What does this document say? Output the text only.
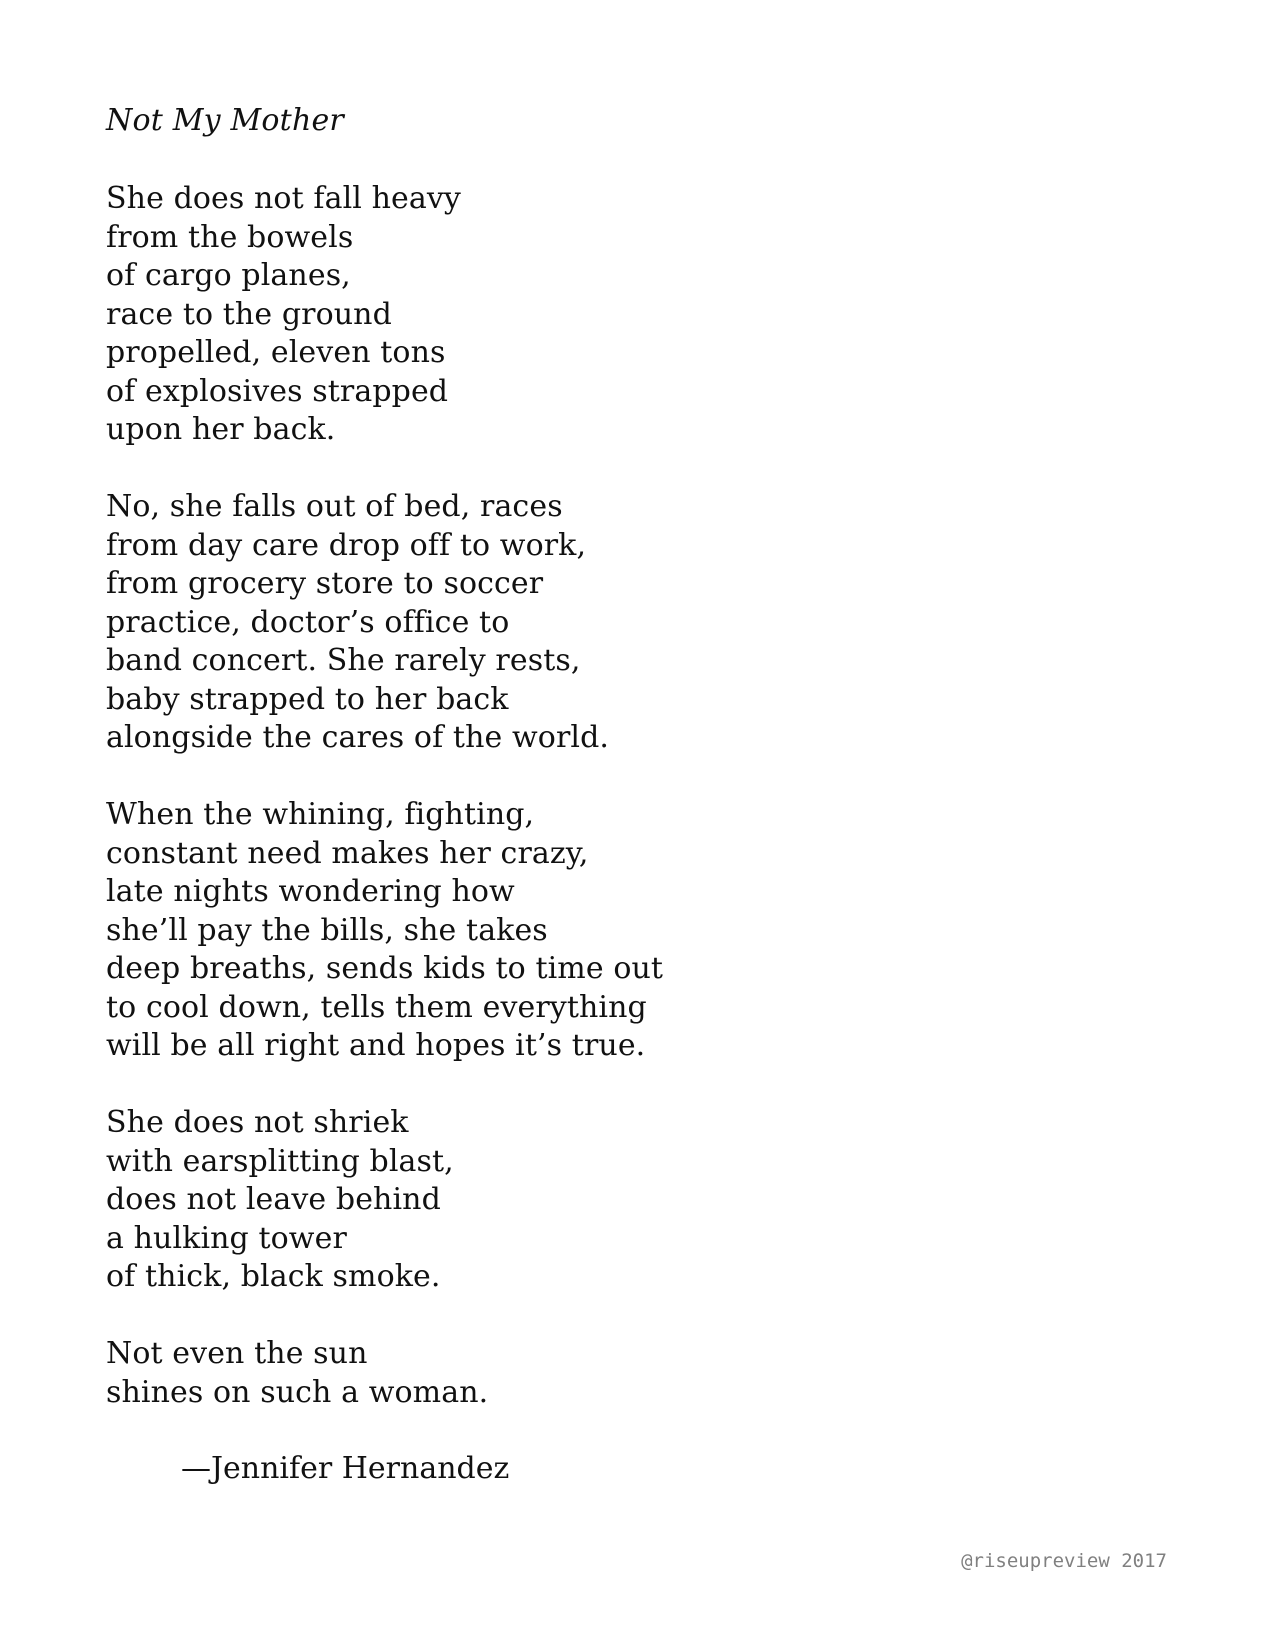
Not My Mother
She does not fall heavy
from the bowels
of cargo planes,
race to the ground
propelled, eleven tons
of explosives strapped
upon her back.
No, she falls out of bed, races
from day care drop off to work,
from grocery store to soccer
practice, doctor’s office to
band concert. She rarely rests,
baby strapped to her back
alongside the cares of the world.
When the whining, fighting,
constant need makes her crazy,
late nights wondering how
she’ll pay the bills, she takes
deep breaths, sends kids to time out
to cool down, tells them everything
will be all right and hopes it’s true.
She does not shriek
with earsplitting blast,
does not leave behind
a hulking tower
of thick, black smoke.
Not even the sun
shines on such a woman.
—Jennifer Hernandez
@riseupreview 2017
